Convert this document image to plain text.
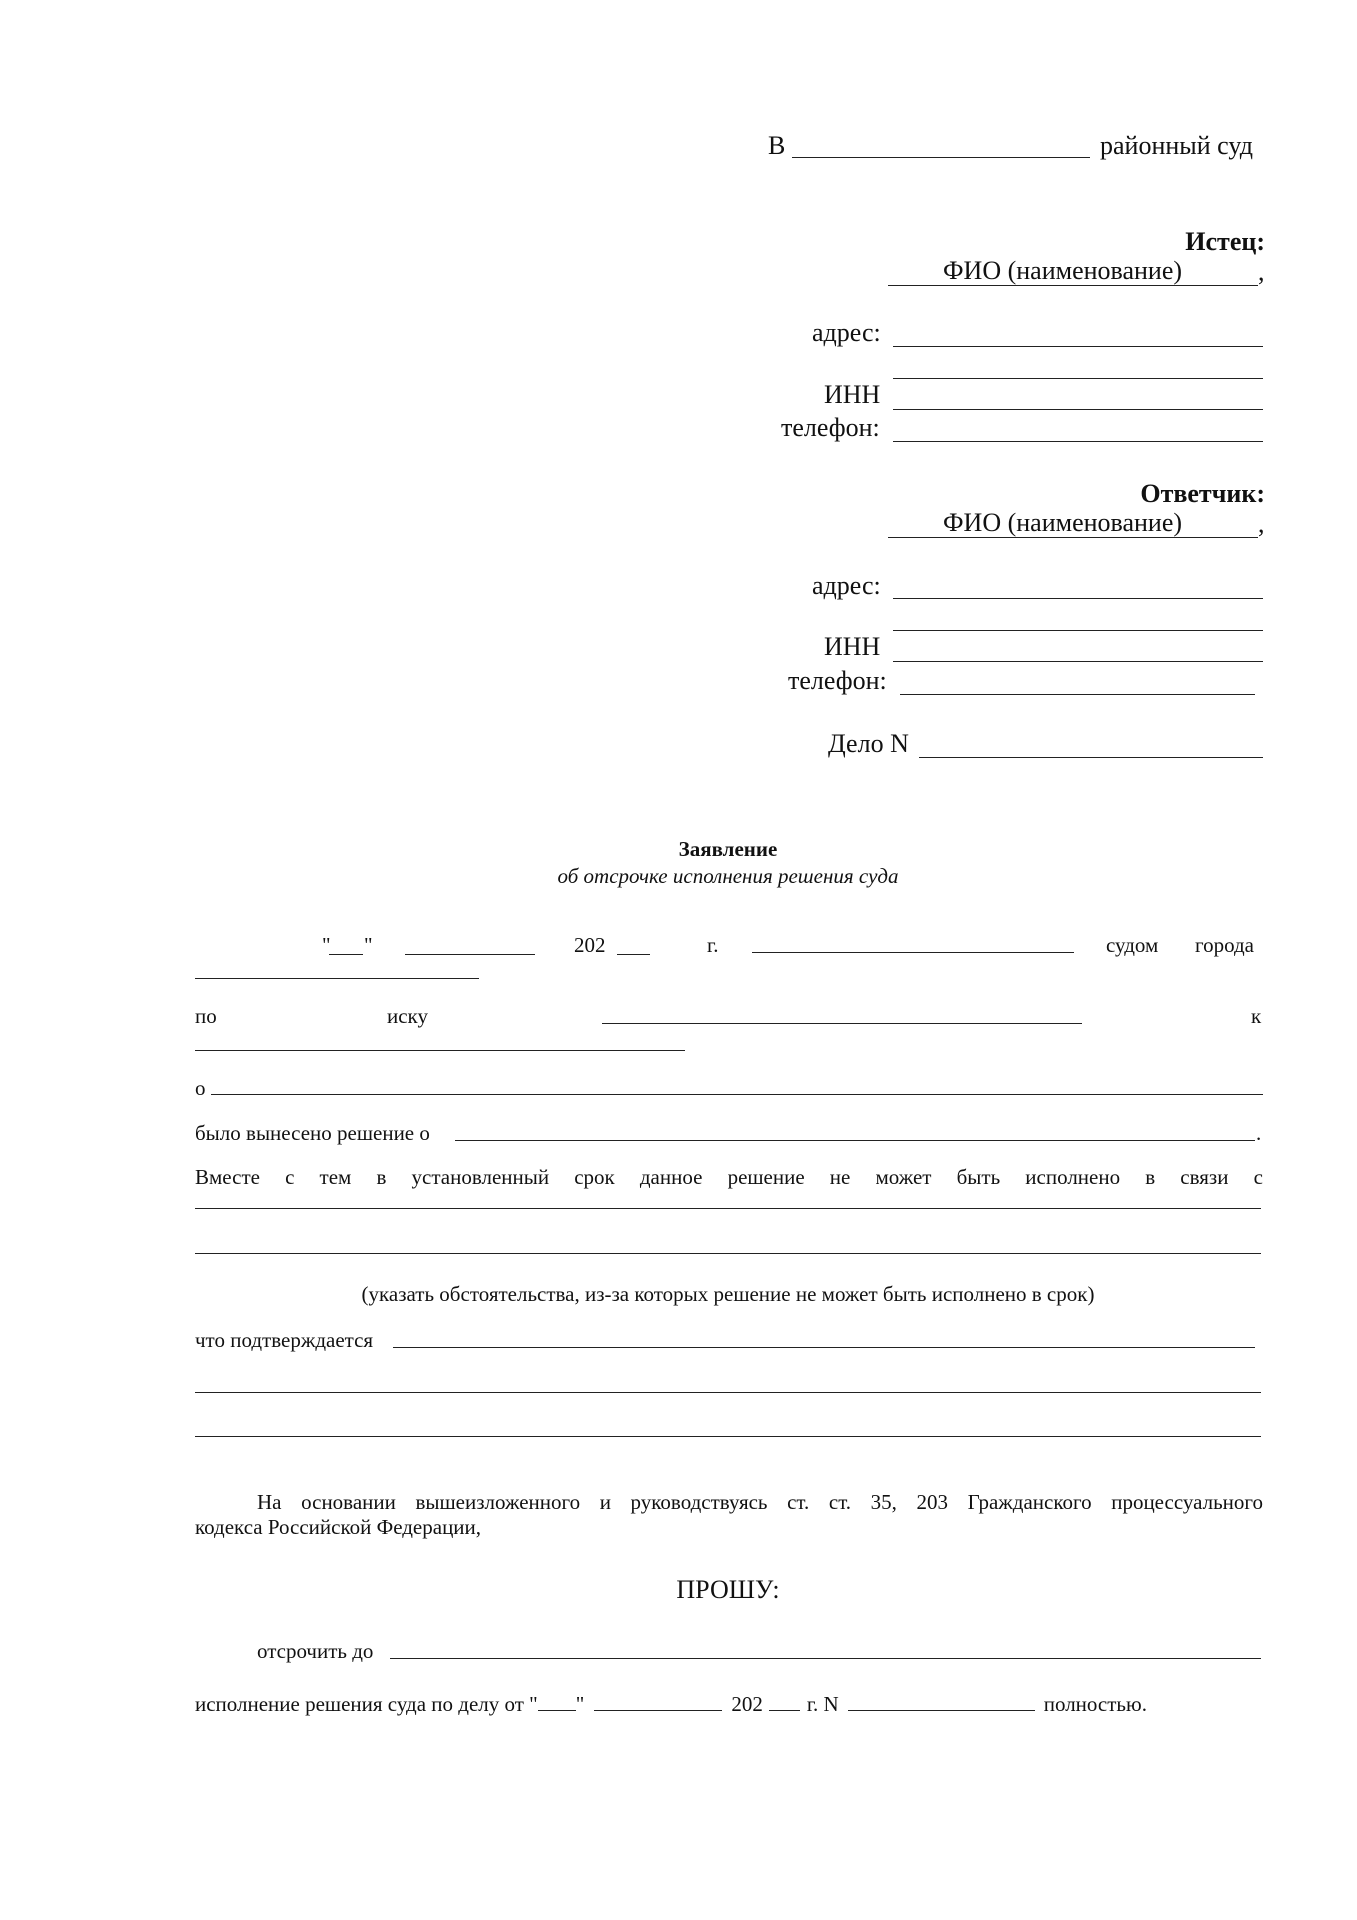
В	районный суд
Истец:
ФИО (наименование)	,
адрес:
ИНН
телефон:
Ответчик:
ФИО (наименование)	,
адрес:
ИНН
телефон:
Дело N
Заявление
об отсрочке исполнения решения суда
" "	202	г.	судом города
по	иску	к
о
было вынесено решение о	.
Вместе с тем в установленный срок данное решение не может быть исполнено в связи с
(указать обстоятельства, из-за которых решение не может быть исполнено в срок)
что подтверждается
На основании вышеизложенного и руководствуясь ст. ст. 35, 203 Гражданского процессуального
кодекса Российской Федерации,
ПРОШУ:
отсрочить до
исполнение решения суда по делу от " "	202 г. N	полностью.
